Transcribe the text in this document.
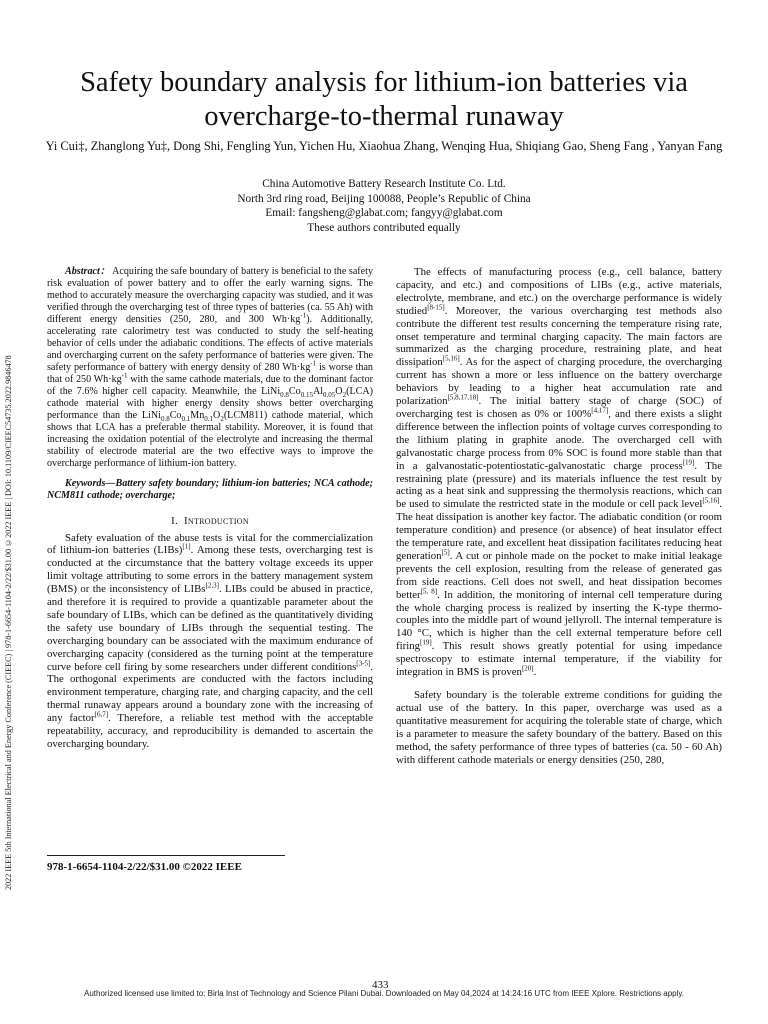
2022 IEEE 5th International Electrical and Energy Conference (CIEEC) | 978-1-6654-1104-2/22/$31.00 ©2022 IEEE | DOI: 10.1109/CIEEC54735.2022.9846478
Safety boundary analysis for lithium-ion batteries via overcharge-to-thermal runaway
Yi Cui‡, Zhanglong Yu‡, Dong Shi, Fengling Yun, Yichen Hu, Xiaohua Zhang, Wenqing Hua, Shiqiang Gao, Sheng Fang , Yanyan Fang
China Automotive Battery Research Institute Co. Ltd.
North 3rd ring road, Beijing 100088, People’s Republic of China
Email: fangsheng@glabat.com; fangyy@glabat.com
These authors contributed equally

Abstract： Acquiring the safe boundary of battery is beneficial to the safety risk evaluation of power battery and to offer the early warning signs. The method to accurately measure the overcharging capacity was studied, and it was verified through the overcharging test of three types of batteries (ca. 55 Ah) with different energy densities (250, 280, and 300 $Wh\cdot kg^{-1}$). Additionally, accelerating rate calorimetry test was conducted to study the self-heating behavior of cells under the adiabatic conditions. The effects of active materials and overcharging current on the safety performance of batteries were given. The safety performance of battery with energy density of 280 $Wh\cdot kg^{-1}$ is worse than that of 250 $Wh\cdot kg^{-1}$ with the same cathode materials, due to the dominant factor of the 7.6% higher cell capacity. Meanwhile, the $LiNi_{0.8}Co_{0.15}Al_{0.05}O_2(LCA)$ cathode material with higher energy density shows better overcharging performance than the $LiNi_{0.8}Co_{0.1}Mn_{0.1}O_2(LCM811)$ cathode material, which shows that LCA has a preferable thermal stability. Moreover, it is found that increasing the oxidation potential of the electrolyte and increasing the thermal stability of electrode material are the two effective ways to improve the overcharge performance of lithium-ion battery.

Keywords—Battery safety boundary; lithium-ion batteries; NCA cathode; NCM811 cathode; overcharge;

I. Introduction

Safety evaluation of the abuse tests is vital for the commercialization of lithium-ion batteries (LIBs)[1]. Among these tests, overcharging test is conducted at the circumstance that the battery voltage exceeds its upper limit voltage attributing to some errors in the battery management system (BMS) or the inconsistency of LIBs[2,3]. LIBs could be abused in practice, and therefore it is required to provide a quantizable parameter about the safe boundary of LIBs, which can be defined as the quantitatively dividing the safety use boundary of LIBs through the sequential testing. The overcharging boundary can be associated with the maximum endurance of overcharging capacity (considered as the turning point at the temperature curve before cell firing by some researchers under different conditions[3-5]. The orthogonal experiments are conducted with the factors including environment temperature, charging rate, and charging capacity, and the cell thermal runaway appears around a boundary zone with the increasing of any factor[6,7]. Therefore, a reliable test method with the acceptable repeatability, accuracy, and reproducibility is demanded to ascertain the overcharging boundary.

The effects of manufacturing process (e.g., cell balance, battery capacity, and etc.) and compositions of LIBs (e.g., active materials, electrolyte, membrane, and etc.) on the overcharge performance is widely studied[8-15]. Moreover, the various overcharging test methods also contribute the different test results concerning the temperature rising rate, onset temperature and terminal charging capacity. The main factors are summarized as the charging procedure, restraining plate, and heat dissipation[5,16]. As for the aspect of charging procedure, the overcharging current has shown a more or less influence on the battery overcharge behaviors by leading to a higher heat accumulation rate and polarization[5,8,17,18]. The initial battery stage of charge (SOC) of overcharging test is chosen as 0% or 100%[4,17], and there exists a slight difference between the inflection points of voltage curves corresponding to the lithium plating in graphite anode. The overcharged cell with galvanostatic charge process from 0% SOC is found more stable than that in a galvanostatic-potentiostatic-galvanostatic charge process[19]. The restraining plate (pressure) and its materials influence the test result by acting as a heat sink and suppressing the thermolysis reactions, which can be used to simulate the restricted state in the module or cell pack level[5,16]. The heat dissipation is another key factor. The adiabatic condition (or room temperature condition) and presence (or absence) of heat insulator effect the temperature rate, and excellent heat dissipation facilitates reducing heat generation[5]. A cut or pinhole made on the pocket to make initial leakage prevents the cell explosion, resulting from the release of generated gas from side reactions. Cell does not swell, and heat dissipation becomes better[5, 8]. In addition, the monitoring of internal cell temperature during the whole charging process is realized by inserting the K-type thermo-couples into the middle part of wound jellyroll. The internal temperature is 140 °C, which is higher than the cell external temperature before cell firing[19]. This result shows greatly potential for using impedance spectroscopy to estimate internal temperature, if the viability for integration in BMS is proven[20].

Safety boundary is the tolerable extreme conditions for guiding the actual use of the battery. In this paper, overcharge was used as a quantitative measurement for acquiring the tolerable state of charge, which is a parameter to measure the safety boundary of the battery. Based on this method, the safety performance of three types of batteries (ca. 50 - 60 Ah) with different cathode materials or energy densities (250, 280,

978-1-6654-1104-2/22/$31.00 ©2022 IEEE
433
Authorized licensed use limited to: Birla Inst of Technology and Science Pilani Dubai. Downloaded on May 04,2024 at 14:24:16 UTC from IEEE Xplore. Restrictions apply.
